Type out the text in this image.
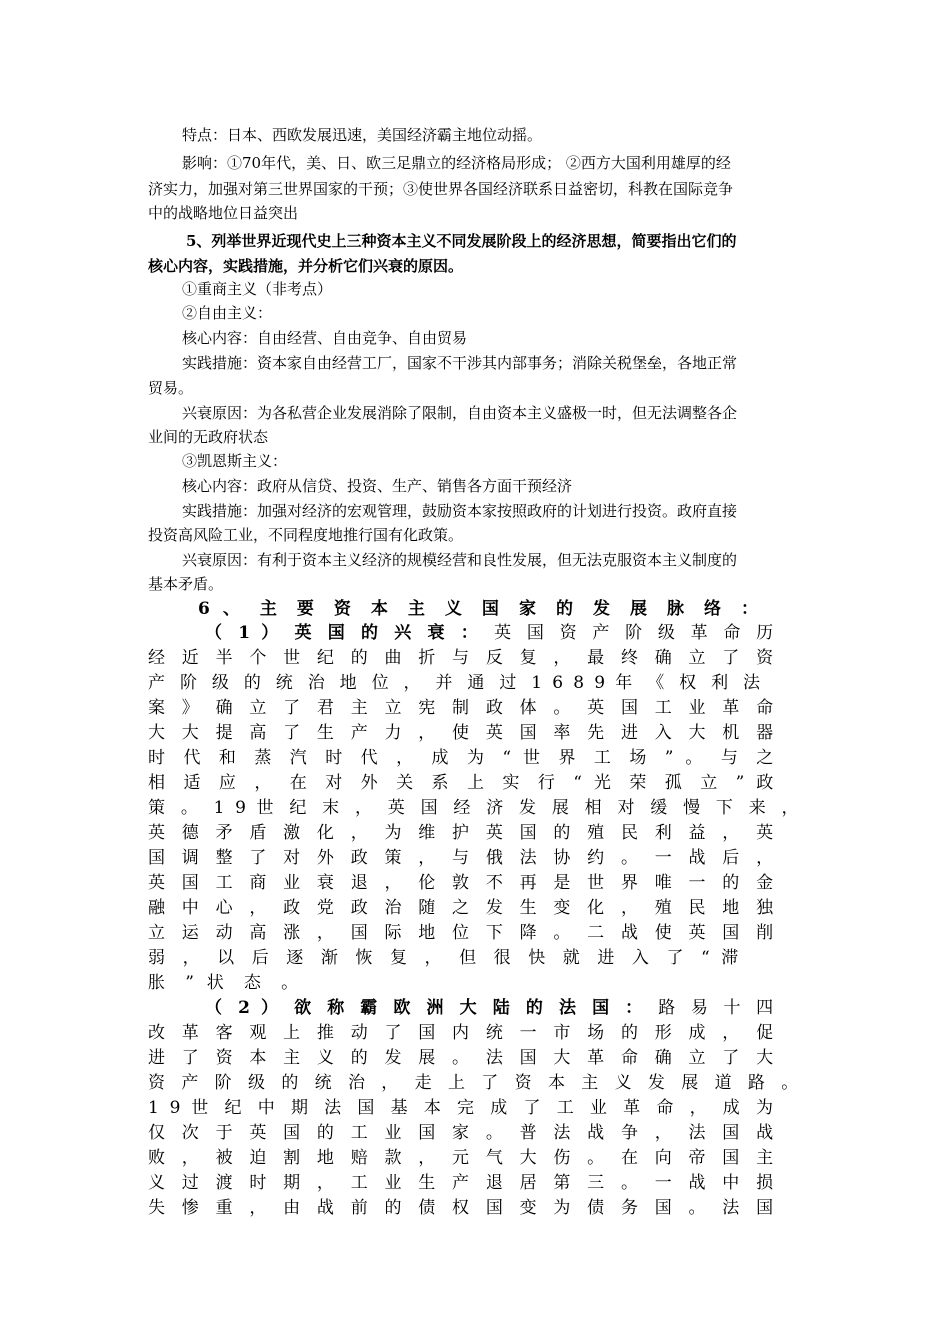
特点：日本、西欧发展迅速，美国经济霸主地位动摇。
影响：①70年代，美、日、欧三足鼎立的经济格局形成； ②西方大国利用雄厚的经
济实力，加强对第三世界国家的干预；③使世界各国经济联系日益密切，科教在国际竞争
中的战略地位日益突出
5、列举世界近现代史上三种资本主义不同发展阶段上的经济思想，简要指出它们的
核心内容，实践措施，并分析它们兴衰的原因。
①重商主义（非考点）
②自由主义：
核心内容：自由经营、自由竞争、自由贸易
实践措施：资本家自由经营工厂，国家不干涉其内部事务；消除关税堡垒，各地正常
贸易。
兴衰原因：为各私营企业发展消除了限制，自由资本主义盛极一时，但无法调整各企
业间的无政府状态
③凯恩斯主义：
核心内容：政府从信贷、投资、生产、销售各方面干预经济
实践措施：加强对经济的宏观管理，鼓励资本家按照政府的计划进行投资。政府直接
投资高风险工业，不同程度地推行国有化政策。
兴衰原因：有利于资本主义经济的规模经营和良性发展，但无法克服资本主义制度的
基本矛盾。
6 、 主 要 资 本 主 义 国 家 的 发 展 脉 络 ：
（ 1 ） 英 国 的 兴 衰 ： 英 国 资 产 阶 级 革 命 历
经 近 半 个 世 纪 的 曲 折 与 反 复 ， 最 终 确 立 了 资
产 阶 级 的 统 治 地 位 ， 并 通 过 1 6 8 9 年 《 权 利 法
案 》 确 立 了 君 主 立 宪 制 政 体 。 英 国 工 业 革 命
大 大 提 高 了 生 产 力 ， 使 英 国 率 先 进 入 大 机 器
时 代 和 蒸 汽 时 代 ， 成 为 “ 世 界 工 场 ” 。 与 之
相 适 应 ， 在 对 外 关 系 上 实 行 “ 光 荣 孤 立 ” 政
策 。 1 9 世 纪 末 ， 英 国 经 济 发 展 相 对 缓 慢 下 来 ，
英 德 矛 盾 激 化 ， 为 维 护 英 国 的 殖 民 利 益 ， 英
国 调 整 了 对 外 政 策 ， 与 俄 法 协 约 。 一 战 后 ，
英 国 工 商 业 衰 退 ， 伦 敦 不 再 是 世 界 唯 一 的 金
融 中 心 ， 政 党 政 治 随 之 发 生 变 化 ， 殖 民 地 独
立 运 动 高 涨 ， 国 际 地 位 下 降 。 二 战 使 英 国 削
弱 ， 以 后 逐 渐 恢 复 ， 但 很 快 就 进 入 了 “ 滞
胀 ” 状 态 。
（ 2 ） 欲 称 霸 欧 洲 大 陆 的 法 国 ： 路 易 十 四
改 革 客 观 上 推 动 了 国 内 统 一 市 场 的 形 成 ， 促
进 了 资 本 主 义 的 发 展 。 法 国 大 革 命 确 立 了 大
资 产 阶 级 的 统 治 ， 走 上 了 资 本 主 义 发 展 道 路 。
1 9 世 纪 中 期 法 国 基 本 完 成 了 工 业 革 命 ， 成 为
仅 次 于 英 国 的 工 业 国 家 。 普 法 战 争 ， 法 国 战
败 ， 被 迫 割 地 赔 款 ， 元 气 大 伤 。 在 向 帝 国 主
义 过 渡 时 期 ， 工 业 生 产 退 居 第 三 。 一 战 中 损
失 惨 重 ， 由 战 前 的 债 权 国 变 为 债 务 国 。 法 国
